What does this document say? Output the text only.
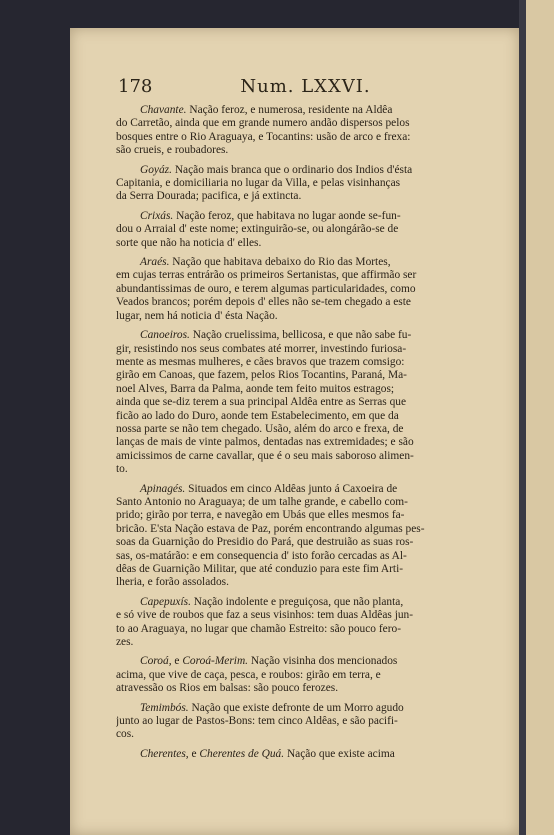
178	Num. LXXVI.
Chavante. Nação feroz, e numerosa, residente na Aldêa
do Carretão, ainda que em grande numero andão dispersos pelos
bosques entre o Rio Araguaya, e Tocantins: usão de arco e frexa:
são crueis, e roubadores.
Goyáz. Nação mais branca que o ordinario dos Indios d'ésta
Capitania, e domiciliaria no lugar da Villa, e pelas visinhanças
da Serra Dourada; pacifica, e já extincta.
Crixás. Nação feroz, que habitava no lugar aonde se-fun-
dou o Arraial d' este nome; extinguirão-se, ou alongárão-se de
sorte que não ha noticia d' elles.
Araés. Nação que habitava debaixo do Rio das Mortes,
em cujas terras entrárão os primeiros Sertanistas, que affirmão ser
abundantissimas de ouro, e terem algumas particularidades, como
Veados brancos; porém depois d' elles não se-tem chegado a este
lugar, nem há noticia d' ésta Nação.
Canoeiros. Nação cruelissima, bellicosa, e que não sabe fu-
gir, resistindo nos seus combates até morrer, investindo furiosa-
mente as mesmas mulheres, e cães bravos que trazem comsigo:
girão em Canoas, que fazem, pelos Rios Tocantins, Paraná, Ma-
noel Alves, Barra da Palma, aonde tem feito muitos estragos;
ainda que se-diz terem a sua principal Aldêa entre as Serras que
ficão ao lado do Duro, aonde tem Estabelecimento, em que da
nossa parte se não tem chegado. Usão, além do arco e frexa, de
lanças de mais de vinte palmos, dentadas nas extremidades; e são
amicissimos de carne cavallar, que é o seu mais saboroso alimen-
to.
Apinagés. Situados em cinco Aldêas junto á Caxoeira de
Santo Antonio no Araguaya; de um talhe grande, e cabello com-
prido; girão por terra, e navegão em Ubás que elles mesmos fa-
bricão. E'sta Nação estava de Paz, porém encontrando algumas pes-
soas da Guarnição do Presidio do Pará, que destruião as suas ros-
sas, os-matárão: e em consequencia d' isto forão cercadas as Al-
dêas de Guarnição Militar, que até conduzio para este fim Arti-
lheria, e forão assolados.
Capepuxís. Nação indolente e preguiçosa, que não planta,
e só vive de roubos que faz a seus visinhos: tem duas Aldêas jun-
to ao Araguaya, no lugar que chamão Estreito: são pouco fero-
zes.
Coroá, e Coroá-Merim. Nação visinha dos mencionados
acima, que vive de caça, pesca, e roubos: girão em terra, e
atravessão os Rios em balsas: são pouco ferozes.
Temimbós. Nação que existe defronte de um Morro agudo
junto ao lugar de Pastos-Bons: tem cinco Aldêas, e são pacifi-
cos.
Cherentes, e Cherentes de Quá. Nação que existe acima
